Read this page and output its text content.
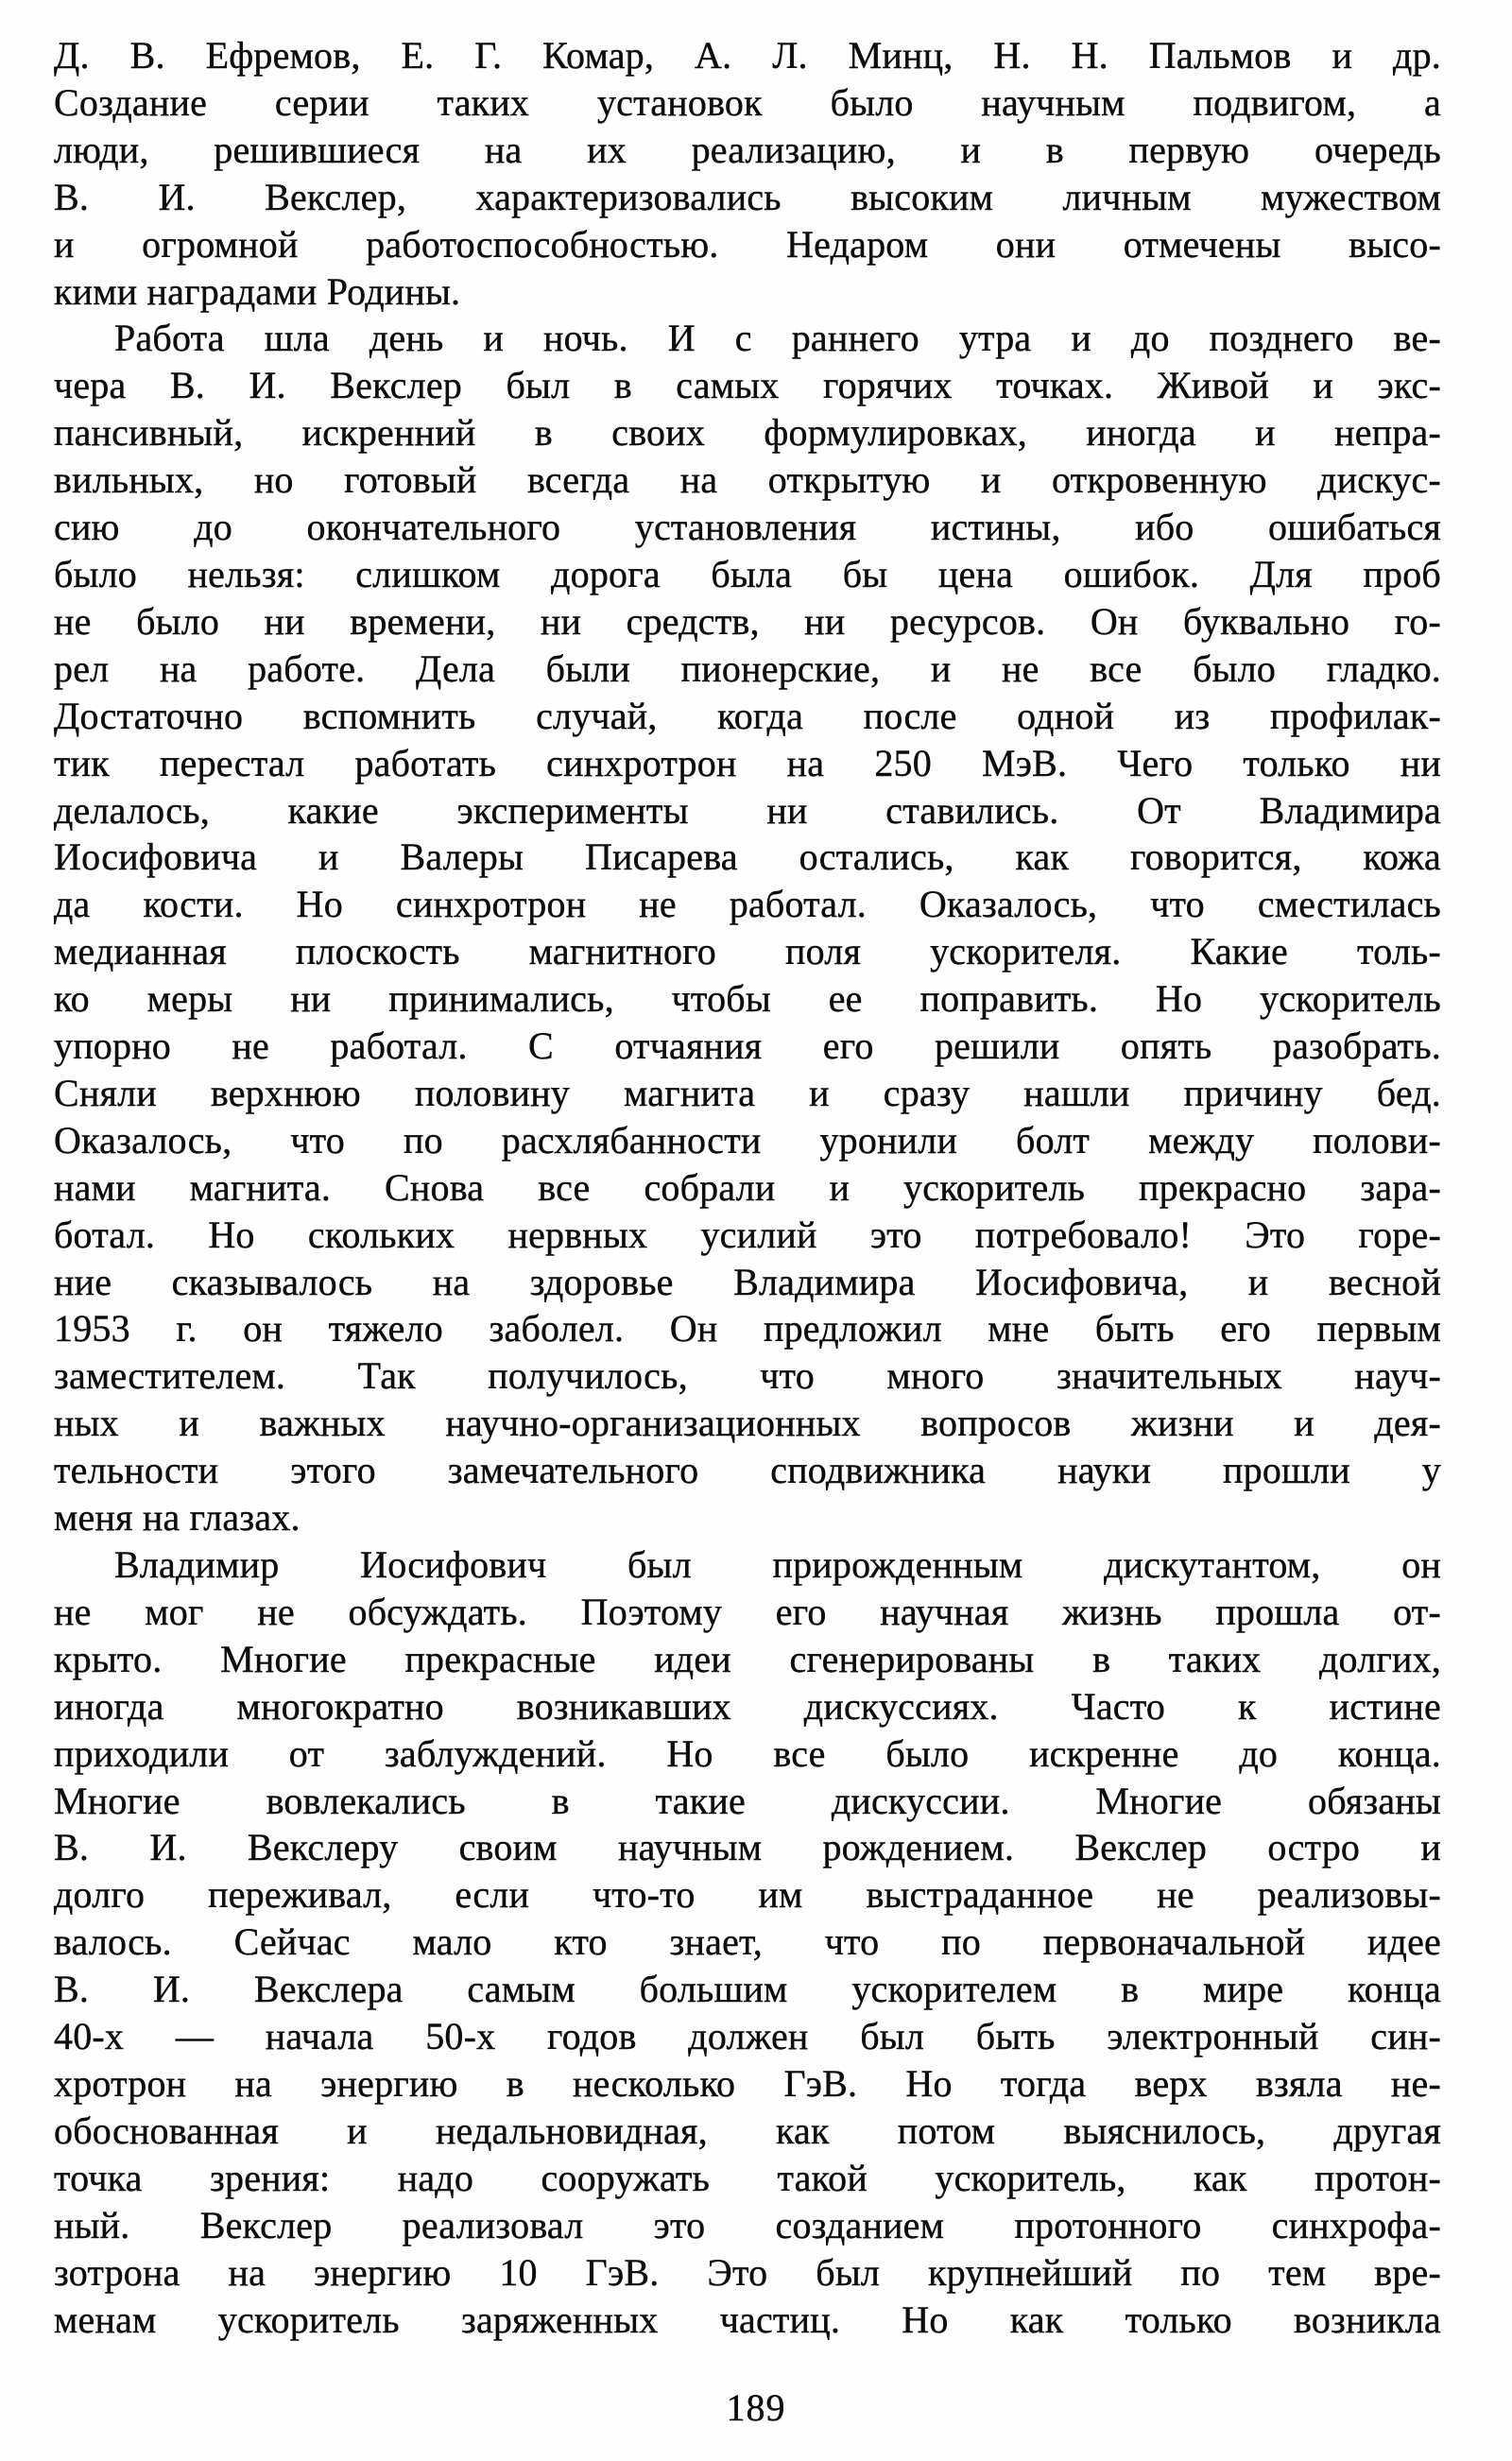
Д. В. Ефремов, Е. Г. Комар, А. Л. Минц, Н. Н. Пальмов и др.
Создание серии таких установок было научным подвигом, а
люди, решившиеся на их реализацию, и в первую очередь
В. И. Векслер, характеризовались высоким личным мужеством
и огромной работоспособностью. Недаром они отмечены высо-
кими наградами Родины.
Работа шла день и ночь. И с раннего утра и до позднего ве-
чера В. И. Векслер был в самых горячих точках. Живой и экс-
пансивный, искренний в своих формулировках, иногда и непра-
вильных, но готовый всегда на открытую и откровенную дискус-
сию до окончательного установления истины, ибо ошибаться
было нельзя: слишком дорога была бы цена ошибок. Для проб
не было ни времени, ни средств, ни ресурсов. Он буквально го-
рел на работе. Дела были пионерские, и не все было гладко.
Достаточно вспомнить случай, когда после одной из профилак-
тик перестал работать синхротрон на 250 МэВ. Чего только ни
делалось, какие эксперименты ни ставились. От Владимира
Иосифовича и Валеры Писарева остались, как говорится, кожа
да кости. Но синхротрон не работал. Оказалось, что сместилась
медианная плоскость магнитного поля ускорителя. Какие толь-
ко меры ни принимались, чтобы ее поправить. Но ускоритель
упорно не работал. С отчаяния его решили опять разобрать.
Сняли верхнюю половину магнита и сразу нашли причину бед.
Оказалось, что по расхлябанности уронили болт между полови-
нами магнита. Снова все собрали и ускоритель прекрасно зара-
ботал. Но скольких нервных усилий это потребовало! Это горе-
ние сказывалось на здоровье Владимира Иосифовича, и весной
1953 г. он тяжело заболел. Он предложил мне быть его первым
заместителем. Так получилось, что много значительных науч-
ных и важных научно-организационных вопросов жизни и дея-
тельности этого замечательного сподвижника науки прошли у
меня на глазах.
Владимир Иосифович был прирожденным дискутантом, он
не мог не обсуждать. Поэтому его научная жизнь прошла от-
крыто. Многие прекрасные идеи сгенерированы в таких долгих,
иногда многократно возникавших дискуссиях. Часто к истине
приходили от заблуждений. Но все было искренне до конца.
Многие вовлекались в такие дискуссии. Многие обязаны
В. И. Векслеру своим научным рождением. Векслер остро и
долго переживал, если что-то им выстраданное не реализовы-
валось. Сейчас мало кто знает, что по первоначальной идее
В. И. Векслера самым большим ускорителем в мире конца
40-х — начала 50-х годов должен был быть электронный син-
хротрон на энергию в несколько ГэВ. Но тогда верх взяла не-
обоснованная и недальновидная, как потом выяснилось, другая
точка зрения: надо сооружать такой ускоритель, как протон-
ный. Векслер реализовал это созданием протонного синхрофа-
зотрона на энергию 10 ГэВ. Это был крупнейший по тем вре-
менам ускоритель заряженных частиц. Но как только возникла
189
